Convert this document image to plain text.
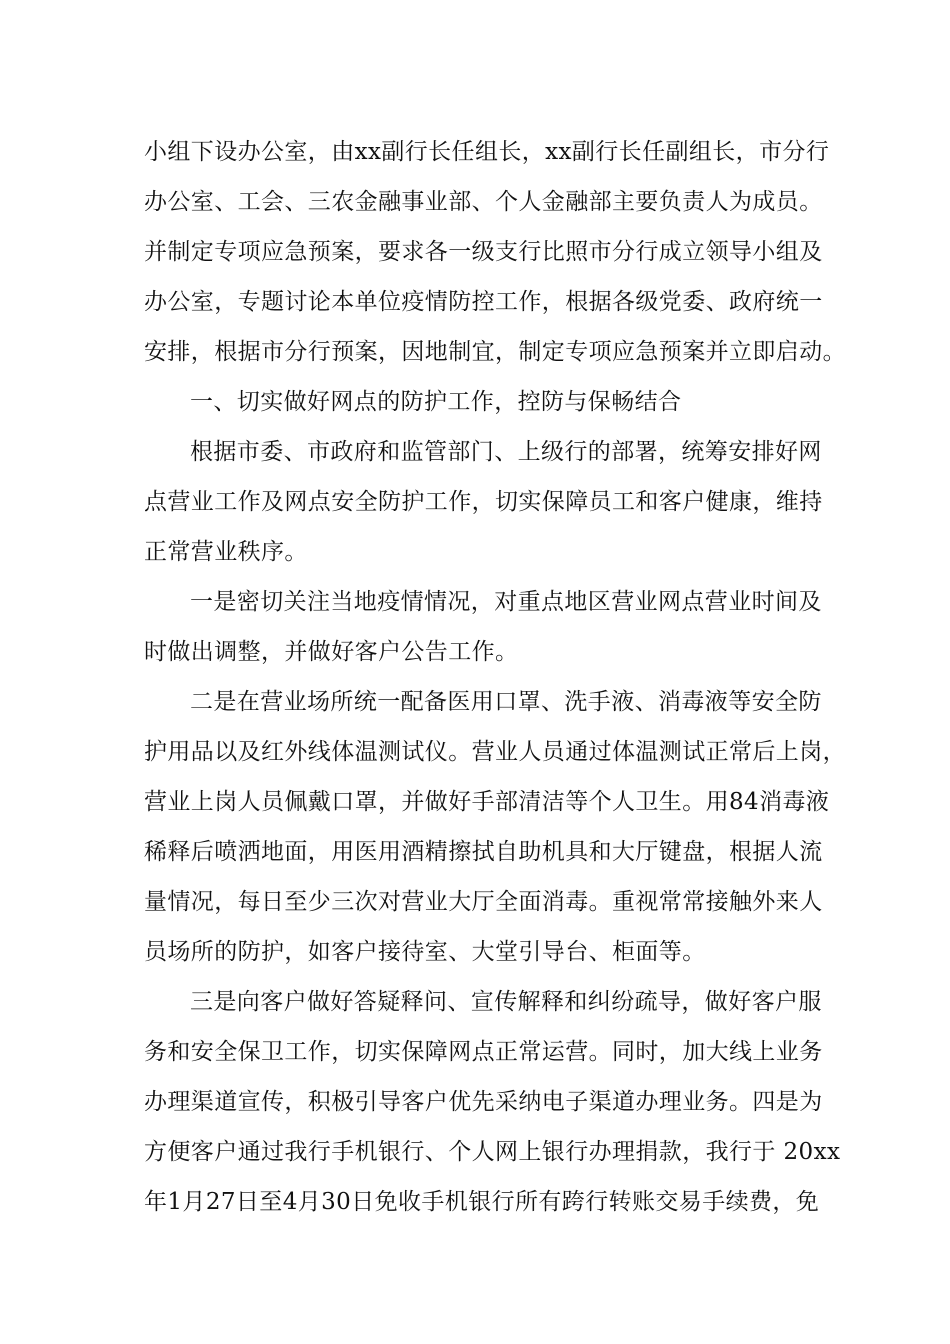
小组下设办公室，由xx副行长任组长，xx副行长任副组长，市分行
办公室、工会、三农金融事业部、个人金融部主要负责人为成员。
并制定专项应急预案，要求各一级支行比照市分行成立领导小组及
办公室，专题讨论本单位疫情防控工作，根据各级党委、政府统一
安排，根据市分行预案，因地制宜，制定专项应急预案并立即启动。
一、切实做好网点的防护工作，控防与保畅结合
根据市委、市政府和监管部门、上级行的部署，统筹安排好网
点营业工作及网点安全防护工作，切实保障员工和客户健康，维持
正常营业秩序。
一是密切关注当地疫情情况，对重点地区营业网点营业时间及
时做出调整，并做好客户公告工作。
二是在营业场所统一配备医用口罩、洗手液、消毒液等安全防
护用品以及红外线体温测试仪。营业人员通过体温测试正常后上岗，
营业上岗人员佩戴口罩，并做好手部清洁等个人卫生。用84消毒液
稀释后喷洒地面，用医用酒精擦拭自助机具和大厅键盘，根据人流
量情况，每日至少三次对营业大厅全面消毒。重视常常接触外来人
员场所的防护，如客户接待室、大堂引导台、柜面等。
三是向客户做好答疑释问、宣传解释和纠纷疏导，做好客户服
务和安全保卫工作，切实保障网点正常运营。同时，加大线上业务
办理渠道宣传，积极引导客户优先采纳电子渠道办理业务。四是为
方便客户通过我行手机银行、个人网上银行办理捐款，我行于 20xx
年1月27日至4月30日免收手机银行所有跨行转账交易手续费，免
